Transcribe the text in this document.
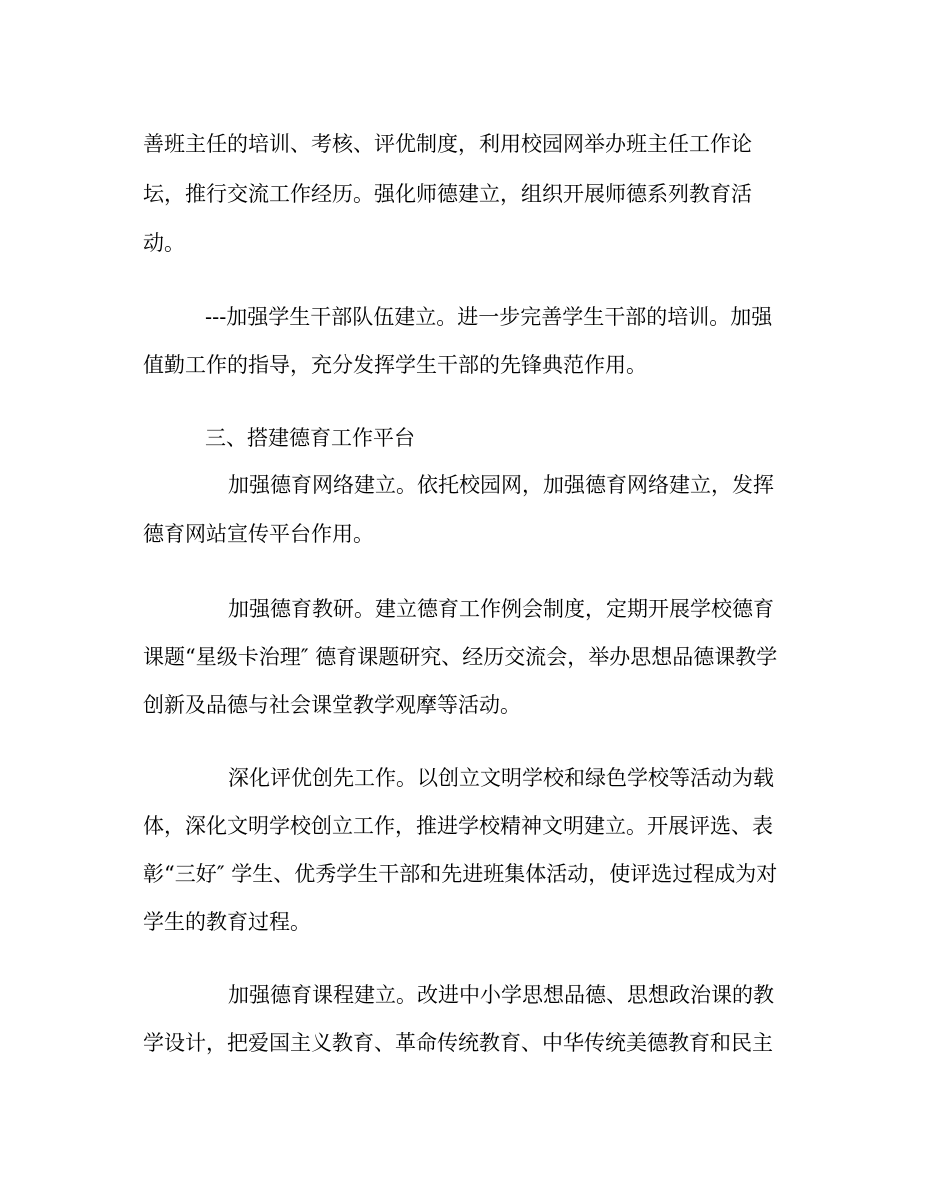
善班主任的培训、考核、评优制度，利用校园网举办班主任工作论
坛，推行交流工作经历。强化师德建立，组织开展师德系列教育活
动。
---加强学生干部队伍建立。进一步完善学生干部的培训。加强
值勤工作的指导，充分发挥学生干部的先锋典范作用。
三、搭建德育工作平台
加强德育网络建立。依托校园网，加强德育网络建立，发挥
德育网站宣传平台作用。
加强德育教研。建立德育工作例会制度，定期开展学校德育
课题“星级卡治理″ 德育课题研究、经历交流会，举办思想品德课教学
创新及品德与社会课堂教学观摩等活动。
深化评优创先工作。以创立文明学校和绿色学校等活动为载
体，深化文明学校创立工作，推进学校精神文明建立。开展评选、表
彰“三好″ 学生、优秀学生干部和先进班集体活动，使评选过程成为对
学生的教育过程。
加强德育课程建立。改进中小学思想品德、思想政治课的教
学设计，把爱国主义教育、革命传统教育、中华传统美德教育和民主
